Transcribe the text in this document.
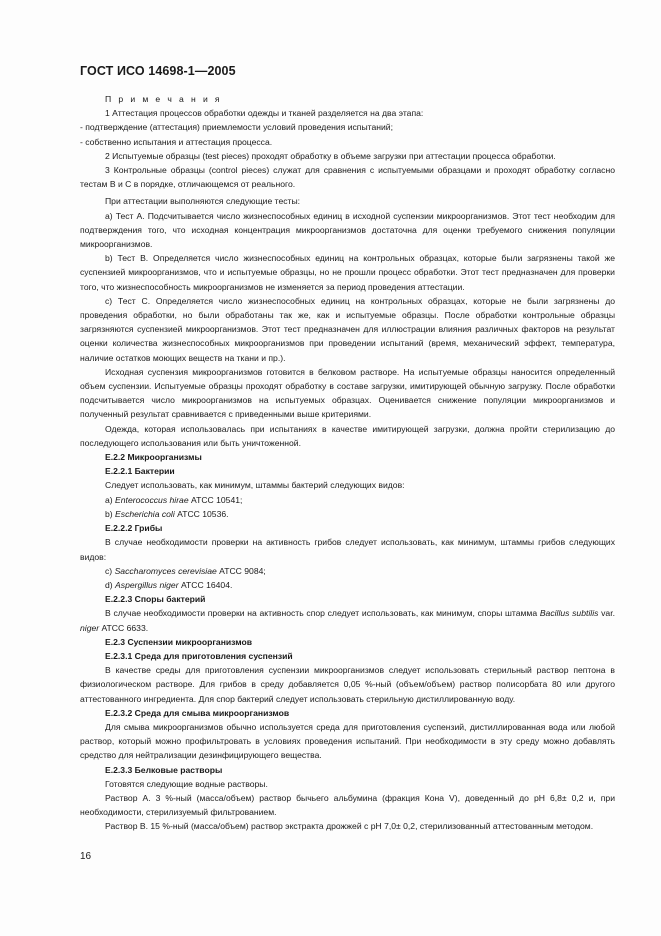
ГОСТ ИСО 14698-1—2005

П р и м е ч а н и я

1 Аттестация процессов обработки одежды и тканей разделяется на два этапа:

- подтверждение (аттестация) приемлемости условий проведения испытаний;

- собственно испытания и аттестация процесса.

2 Испытуемые образцы (test pieces) проходят обработку в объеме загрузки при аттестации процесса обработки.

3 Контрольные образцы (control pieces) служат для сравнения с испытуемыми образцами и проходят обработку согласно тестам В и С в порядке, отличающемся от реального.

При аттестации выполняются следующие тесты:

а) Тест А. Подсчитывается число жизнеспособных единиц в исходной суспензии микроорганизмов. Этот тест необходим для подтверждения того, что исходная концентрация микроорганизмов достаточна для оценки требуемого снижения популяции микроорганизмов.

b) Тест В. Определяется число жизнеспособных единиц на контрольных образцах, которые были загрязнены такой же суспензией микроорганизмов, что и испытуемые образцы, но не прошли процесс обработки. Этот тест предназначен для проверки того, что жизнеспособность микроорганизмов не изменяется за период проведения аттестации.

с) Тест С. Определяется число жизнеспособных единиц на контрольных образцах, которые не были загрязнены до проведения обработки, но были обработаны так же, как и испытуемые образцы. После обработки контрольные образцы загрязняются суспензией микроорганизмов. Этот тест предназначен для иллюстрации влияния различных факторов на результат оценки количества жизнеспособных микроорганизмов при проведении испытаний (время, механический эффект, температура, наличие остатков моющих веществ на ткани и пр.).

Исходная суспензия микроорганизмов готовится в белковом растворе. На испытуемые образцы наносится определенный объем суспензии. Испытуемые образцы проходят обработку в составе загрузки, имитирующей обычную загрузку. После обработки подсчитывается число микроорганизмов на испытуемых образцах. Оценивается снижение популяции микроорганизмов и полученный результат сравнивается с приведенными выше критериями.

Одежда, которая использовалась при испытаниях в качестве имитирующей загрузки, должна пройти стерилизацию до последующего использования или быть уничтоженной.

Е.2.2 Микроорганизмы

Е.2.2.1 Бактерии

Следует использовать, как минимум, штаммы бактерий следующих видов:

а) Enterococcus hirae АТСС 10541;

b) Escherichia coli АТСС 10536.

Е.2.2.2 Грибы

В случае необходимости проверки на активность грибов следует использовать, как минимум, штаммы грибов следующих видов:

с) Saccharomyces cerevisiae АТСС 9084;

d) Aspergillus niger АТСС 16404.

Е.2.2.3 Споры бактерий

В случае необходимости проверки на активность спор следует использовать, как минимум, споры штамма Bacillus subtilis var. niger АТСС 6633.

Е.2.3 Суспензии микроорганизмов

Е.2.3.1 Среда для приготовления суспензий

В качестве среды для приготовления суспензии микроорганизмов следует использовать стерильный раствор пептона в физиологическом растворе. Для грибов в среду добавляется 0,05 %-ный (объем/объем) раствор полисорбата 80 или другого аттестованного ингредиента. Для спор бактерий следует использовать стерильную дистиллированную воду.

Е.2.3.2 Среда для смыва микроорганизмов

Для смыва микроорганизмов обычно используется среда для приготовления суспензий, дистиллированная вода или любой раствор, который можно профильтровать в условиях проведения испытаний. При необходимости в эту среду можно добавлять средство для нейтрализации дезинфицирующего вещества.

Е.2.3.3 Белковые растворы

Готовятся следующие водные растворы.

Раствор А. 3 %-ный (масса/объем) раствор бычьего альбумина (фракция Кона V), доведенный до pH 6,8± 0,2 и, при необходимости, стерилизуемый фильтрованием.

Раствор В. 15 %-ный (масса/объем) раствор экстракта дрожжей с pH 7,0± 0,2, стерилизованный аттестованным методом.

16
